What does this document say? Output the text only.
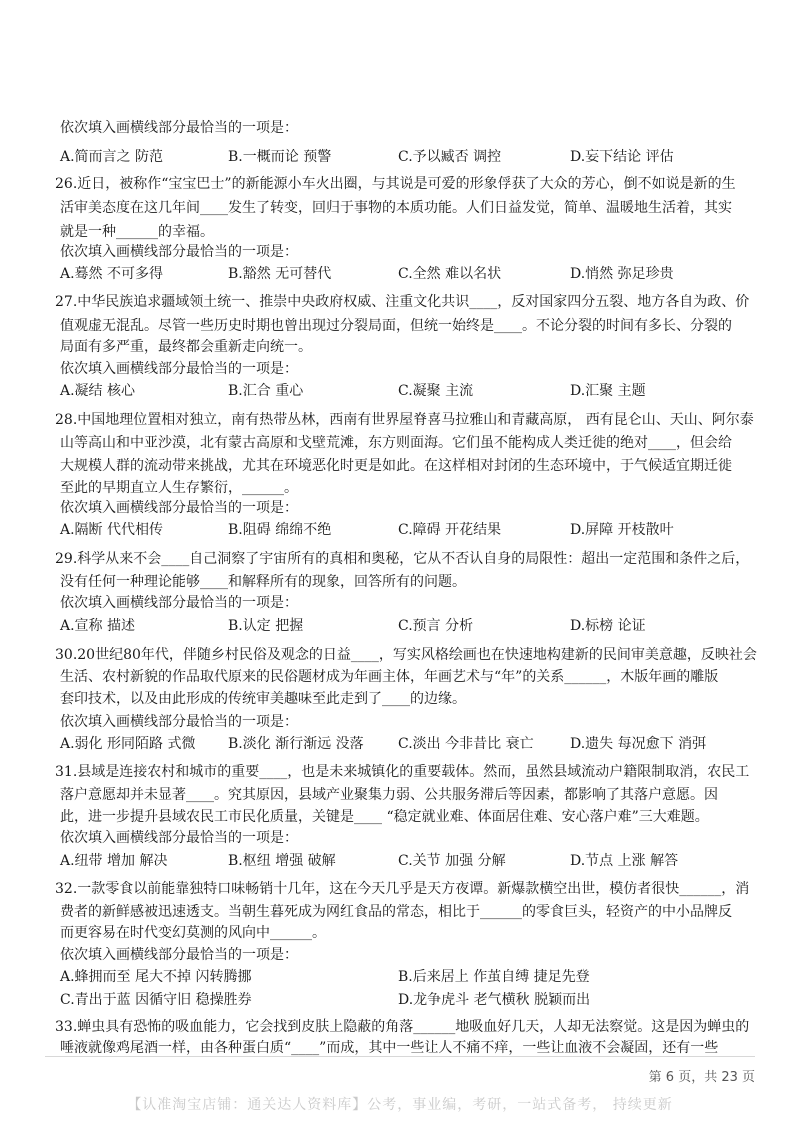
依次填入画横线部分最恰当的一项是：
A.简而言之 防范	B.一概而论 预警	C.予以臧否 调控	D.妄下结论 评估
26.近日，被称作“宝宝巴士”的新能源小车火出圈，与其说是可爱的形象俘获了大众的芳心，倒不如说是新的生
活审美态度在这几年间____发生了转变，回归于事物的本质功能。人们日益发觉，简单、温暖地生活着，其实
就是一种______的幸福。
依次填入画横线部分最恰当的一项是：
A.蓦然 不可多得	B.豁然 无可替代	C.全然 难以名状	D.悄然 弥足珍贵
27.中华民族追求疆域领土统一、推崇中央政府权威、注重文化共识____，反对国家四分五裂、地方各自为政、价
值观虚无混乱。尽管一些历史时期也曾出现过分裂局面，但统一始终是____。不论分裂的时间有多长、分裂的
局面有多严重，最终都会重新走向统一。
依次填入画横线部分最恰当的一项是：
A.凝结 核心	B.汇合 重心	C.凝聚 主流	D.汇聚 主题
28.中国地理位置相对独立，南有热带丛林，西南有世界屋脊喜马拉雅山和青藏高原， 西有昆仑山、天山、阿尔泰
山等高山和中亚沙漠，北有蒙古高原和戈壁荒滩，东方则面海。它们虽不能构成人类迁徙的绝对____，但会给
大规模人群的流动带来挑战，尤其在环境恶化时更是如此。在这样相对封闭的生态环境中，于气候适宜期迁徙
至此的早期直立人生存繁衍，______。
依次填入画横线部分最恰当的一项是：
A.隔断 代代相传	B.阻碍 绵绵不绝	C.障碍 开花结果	D.屏障 开枝散叶
29.科学从来不会____自己洞察了宇宙所有的真相和奥秘，它从不否认自身的局限性：超出一定范围和条件之后，
没有任何一种理论能够____和解释所有的现象，回答所有的问题。
依次填入画横线部分最恰当的一项是：
A.宣称 描述	B.认定 把握	C.预言 分析	D.标榜 论证
30.20世纪80年代，伴随乡村民俗及观念的日益____，写实风格绘画也在快速地构建新的民间审美意趣，反映社会
生活、农村新貌的作品取代原来的民俗题材成为年画主体，年画艺术与“年”的关系______，木版年画的雕版
套印技术，以及由此形成的传统审美趣味至此走到了____的边缘。
依次填入画横线部分最恰当的一项是：
A.弱化 形同陌路 式微 B.淡化 渐行渐远 没落 C.淡出 今非昔比 衰亡	D.遗失 每况愈下 消弭
31.县域是连接农村和城市的重要____，也是未来城镇化的重要载体。然而，虽然县域流动户籍限制取消，农民工
落户意愿却并未显著____。究其原因，县域产业聚集力弱、公共服务滞后等因素，都影响了其落户意愿。因
此，进一步提升县域农民工市民化质量，关键是____ “稳定就业难、体面居住难、安心落户难”三大难题。
依次填入画横线部分最恰当的一项是：
A.纽带 增加 解决	B.枢纽 增强 破解	C.关节 加强 分解	D.节点 上涨 解答
32.一款零食以前能靠独特口味畅销十几年，这在今天几乎是天方夜谭。新爆款横空出世，模仿者很快______，消
费者的新鲜感被迅速透支。当朝生暮死成为网红食品的常态，相比于______的零食巨头，轻资产的中小品牌反
而更容易在时代变幻莫测的风向中______。
依次填入画横线部分最恰当的一项是：
A.蜂拥而至 尾大不掉 闪转腾挪	B.后来居上 作茧自缚 捷足先登
C.青出于蓝 因循守旧 稳操胜券	D.龙争虎斗 老气横秋 脱颖而出
33.蝉虫具有恐怖的吸血能力，它会找到皮肤上隐蔽的角落______地吸血好几天，人却无法察觉。这是因为蝉虫的
唾液就像鸡尾酒一样，由各种蛋白质“____”而成，其中一些让人不痛不痒，一些让血液不会凝固，还有一些
第 6 页，共 23 页
【认准淘宝店铺：通关达人资料库】公考，事业编，考研，一站式备考， 持续更新
